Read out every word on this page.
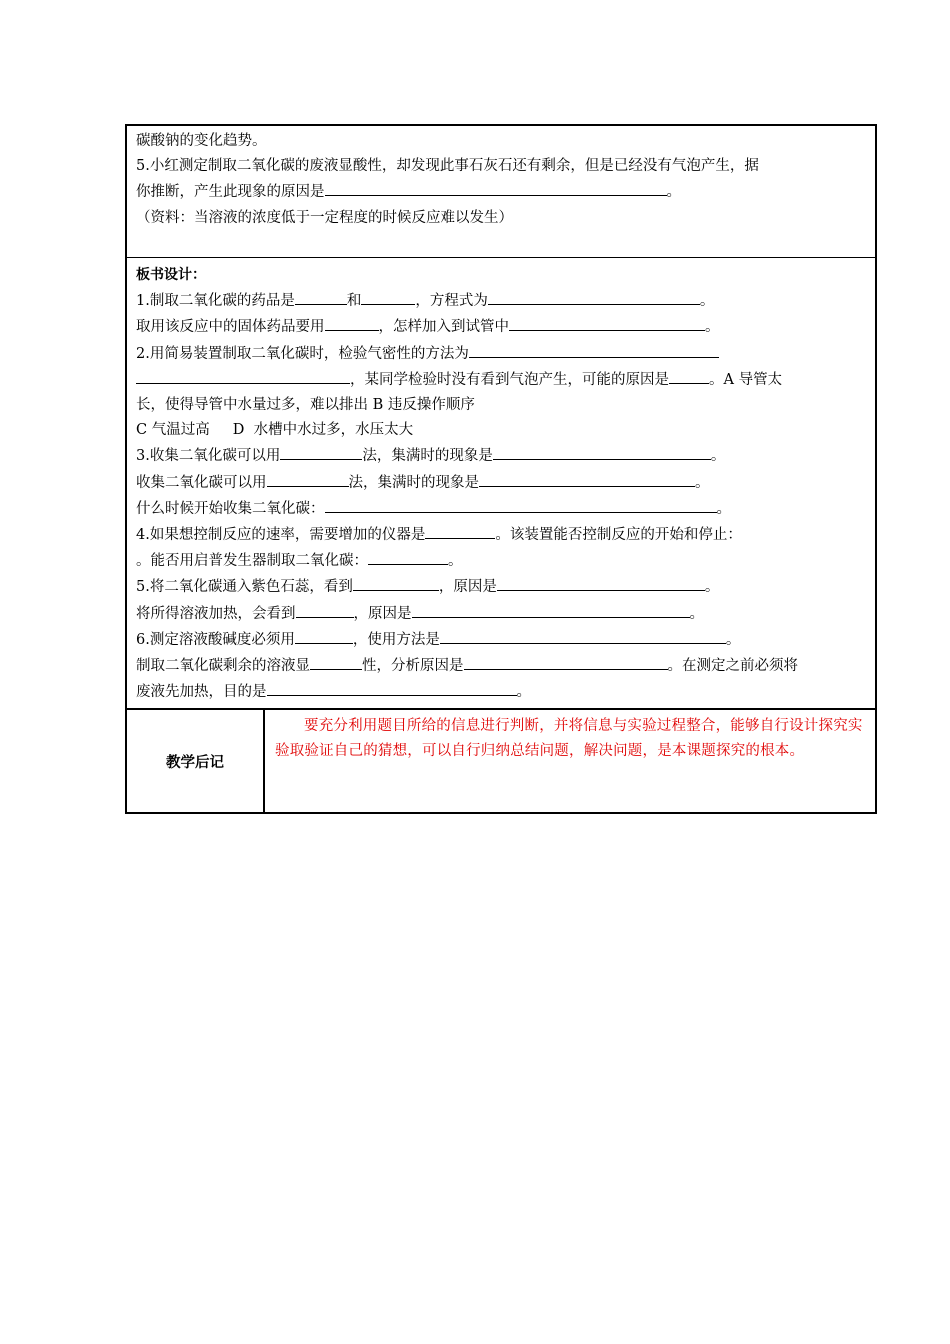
碳酸钠的变化趋势。
5.小红测定制取二氧化碳的废液显酸性，却发现此事石灰石还有剩余，但是已经没有气泡产生，据
你推断，产生此现象的原因是	。
（资料：当溶液的浓度低于一定程度的时候反应难以发生）
板书设计：
1.制取二氧化碳的药品是	和	，方程式为	。
取用该反应中的固体药品要用	，怎样加入到试管中	。
2.用简易装置制取二氧化碳时，检验气密性的方法为
，某同学检验时没有看到气泡产生，可能的原因是	。A 导管太
长，使得导管中水量过多，难以排出 B 违反操作顺序
C 气温过高     D  水槽中水过多，水压太大
3.收集二氧化碳可以用	法，集满时的现象是	。
收集二氧化碳可以用	法，集满时的现象是	。
什么时候开始收集二氧化碳：	。
4.如果想控制反应的速率，需要增加的仪器是	。该装置能否控制反应的开始和停止：
。能否用启普发生器制取二氧化碳：	。
5.将二氧化碳通入紫色石蕊，看到	，原因是	。
将所得溶液加热，会看到	，原因是	。
6.测定溶液酸碱度必须用	，使用方法是	。
制取二氧化碳剩余的溶液显	性，分析原因是	。在测定之前必须将
废液先加热，目的是	。
教学后记
要充分利用题目所给的信息进行判断，并将信息与实验过程整合，能够自行设计探究实验取验证自己的猜想，可以自行归纳总结问题，解决问题，是本课题探究的根本。
